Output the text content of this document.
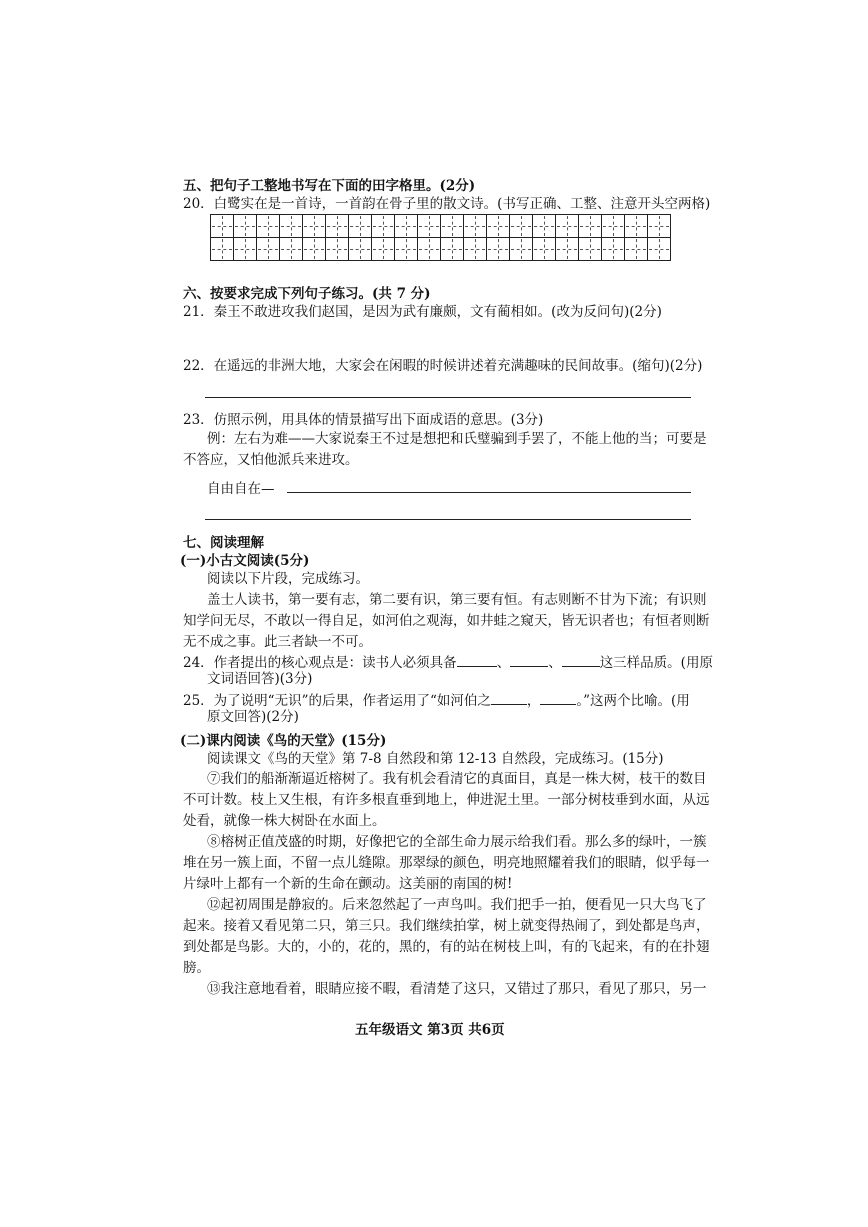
五、把句子工整地书写在下面的田字格里。(2分)
20．白鹭实在是一首诗，一首韵在骨子里的散文诗。(书写正确、工整、注意开头空两格)
六、按要求完成下列句子练习。(共 7 分)
21．秦王不敢进攻我们赵国，是因为武有廉颇，文有蔺相如。(改为反问句)(2分)
22．在遥远的非洲大地，大家会在闲暇的时候讲述着充满趣味的民间故事。(缩句)(2分)
23．仿照示例，用具体的情景描写出下面成语的意思。(3分)
例：左右为难——大家说秦王不过是想把和氏璧骗到手罢了，不能上他的当；可要是
不答应，又怕他派兵来进攻。
自由自在—
七、阅读理解
(一)小古文阅读(5分)
阅读以下片段，完成练习。
盖士人读书，第一要有志，第二要有识，第三要有恒。有志则断不甘为下流；有识则
知学问无尽，不敢以一得自足，如河伯之观海，如井蛙之窥天，皆无识者也；有恒者则断
无不成之事。此三者缺一不可。
24．作者提出的核心观点是：读书人必须具备	、	、	这三样品质。(用原
文词语回答)(3分)
25．为了说明“无识”的后果，作者运用了“如河伯之	，	。”这两个比喻。(用
原文回答)(2分)
(二)课内阅读《鸟的天堂》(15分)
阅读课文《鸟的天堂》第 7-8 自然段和第 12-13 自然段，完成练习。(15分)
⑦我们的船渐渐逼近榕树了。我有机会看清它的真面目，真是一株大树，枝干的数目
不可计数。枝上又生根，有许多根直垂到地上，伸进泥土里。一部分树枝垂到水面，从远
处看，就像一株大树卧在水面上。
⑧榕树正值茂盛的时期，好像把它的全部生命力展示给我们看。那么多的绿叶，一簇
堆在另一簇上面，不留一点儿缝隙。那翠绿的颜色，明亮地照耀着我们的眼睛，似乎每一
片绿叶上都有一个新的生命在颤动。这美丽的南国的树!
⑫起初周围是静寂的。后来忽然起了一声鸟叫。我们把手一拍，便看见一只大鸟飞了
起来。接着又看见第二只，第三只。我们继续拍掌，树上就变得热闹了，到处都是鸟声，
到处都是鸟影。大的，小的，花的，黑的，有的站在树枝上叫，有的飞起来，有的在扑翅
膀。
⑬我注意地看着，眼睛应接不暇，看清楚了这只，又错过了那只，看见了那只，另一
五年级语文 第3页 共6页
